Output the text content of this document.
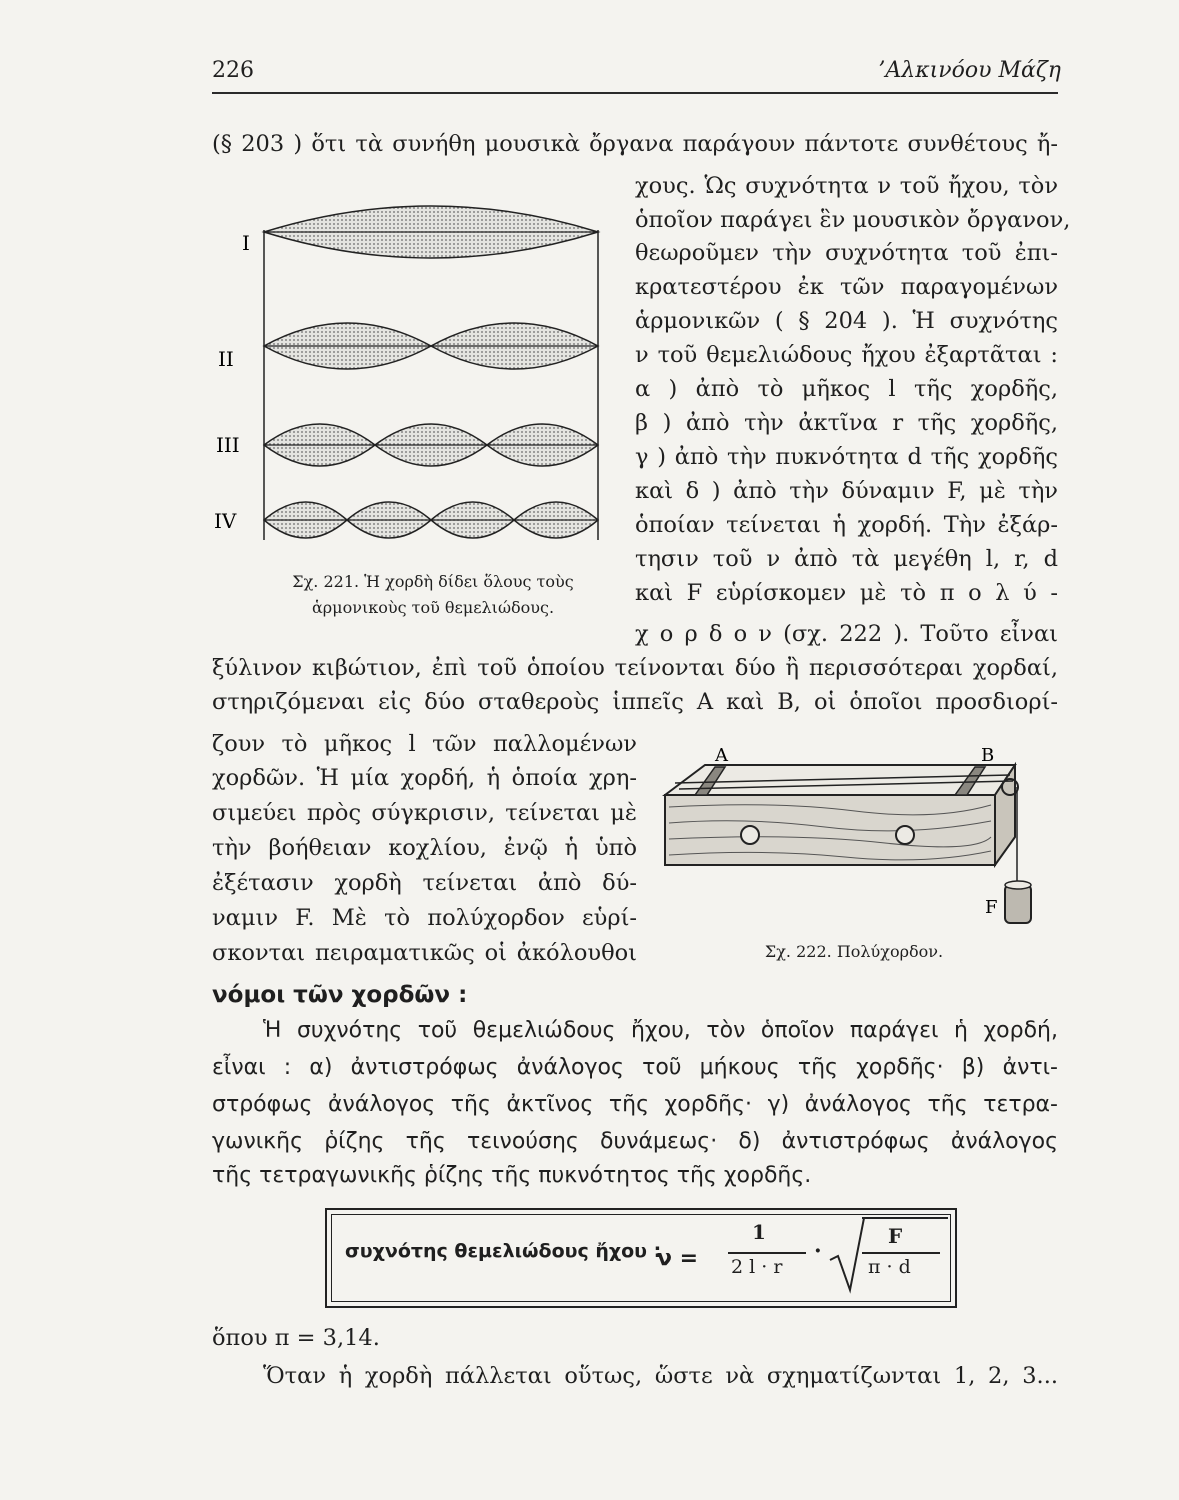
226	’Αλκινόου Μάζη
(§ 203 ) ὅτι τὰ συνήθη μουσικὰ ὄργανα παράγουν πάντοτε συνθέτους ἤ-
χους. Ὡς συχνότητα ν τοῦ ἤχου, τὸν
ὁποῖον παράγει ἓν μουσικὸν ὄργανον,
θεωροῦμεν τὴν συχνότητα τοῦ ἐπι-
κρατεστέρου ἐκ τῶν παραγομένων
ἁρμονικῶν ( § 204 ). Ἡ συχνότης
ν τοῦ θεμελιώδους ἤχου ἐξαρτᾶται :
α ) ἀπὸ τὸ μῆκος l τῆς χορδῆς,
β ) ἀπὸ τὴν ἀκτῖνα r τῆς χορδῆς,
γ ) ἀπὸ τὴν πυκνότητα d τῆς χορδῆς
καὶ δ ) ἀπὸ τὴν δύναμιν F, μὲ τὴν
ὁποίαν τείνεται ἡ χορδή. Τὴν ἐξάρ-
τησιν τοῦ ν ἀπὸ τὰ μεγέθη l, r, d
καὶ F εὑρίσκομεν μὲ τὸ π ο λ ύ -
χ ο ρ δ ο ν (σχ. 222 ). Τοῦτο εἶναι
ξύλινον κιβώτιον, ἐπὶ τοῦ ὁποίου τείνονται δύο ἢ περισσότεραι χορδαί,
στηριζόμεναι εἰς δύο σταθεροὺς ἱππεῖς A καὶ B, οἱ ὁποῖοι προσδιορί-
ζουν τὸ μῆκος l τῶν παλλομένων
χορδῶν. Ἡ μία χορδή, ἡ ὁποία χρη-
σιμεύει πρὸς σύγκρισιν, τείνεται μὲ
τὴν βοήθειαν κοχλίου, ἐνῷ ἡ ὑπὸ
ἐξέτασιν χορδὴ τείνεται ἀπὸ δύ-
ναμιν F. Μὲ τὸ πολύχορδον εὑρί-
σκονται πειραματικῶς οἱ ἀκόλουθοι
I
II
III
IV
Σχ. 221. Ἡ χορδὴ δίδει ὅλους τοὺς
ἁρμονικοὺς τοῦ θεμελιώδους.
A	B
F
Σχ. 222. Πολύχορδον.
νόμοι τῶν χορδῶν :
Ἡ συχνότης τοῦ θεμελιώδους ἤχου, τὸν ὁποῖον παράγει ἡ χορδή,
εἶναι : α) ἀντιστρόφως ἀνάλογος τοῦ μήκους τῆς χορδῆς· β) ἀντι-
στρόφως ἀνάλογος τῆς ἀκτῖνος τῆς χορδῆς· γ) ἀνάλογος τῆς τετρα-
γωνικῆς ῥίζης τῆς τεινούσης δυνάμεως· δ) ἀντιστρόφως ἀνάλογος
τῆς τετραγωνικῆς ῥίζης τῆς πυκνότητος τῆς χορδῆς.
συχνότης θεμελιώδους ἤχου :
ν =
1
2 l · r
·
F
π · d
ὅπου π = 3,14.
Ὅταν ἡ χορδὴ πάλλεται οὕτως, ὥστε νὰ σχηματίζωνται 1, 2, 3...
